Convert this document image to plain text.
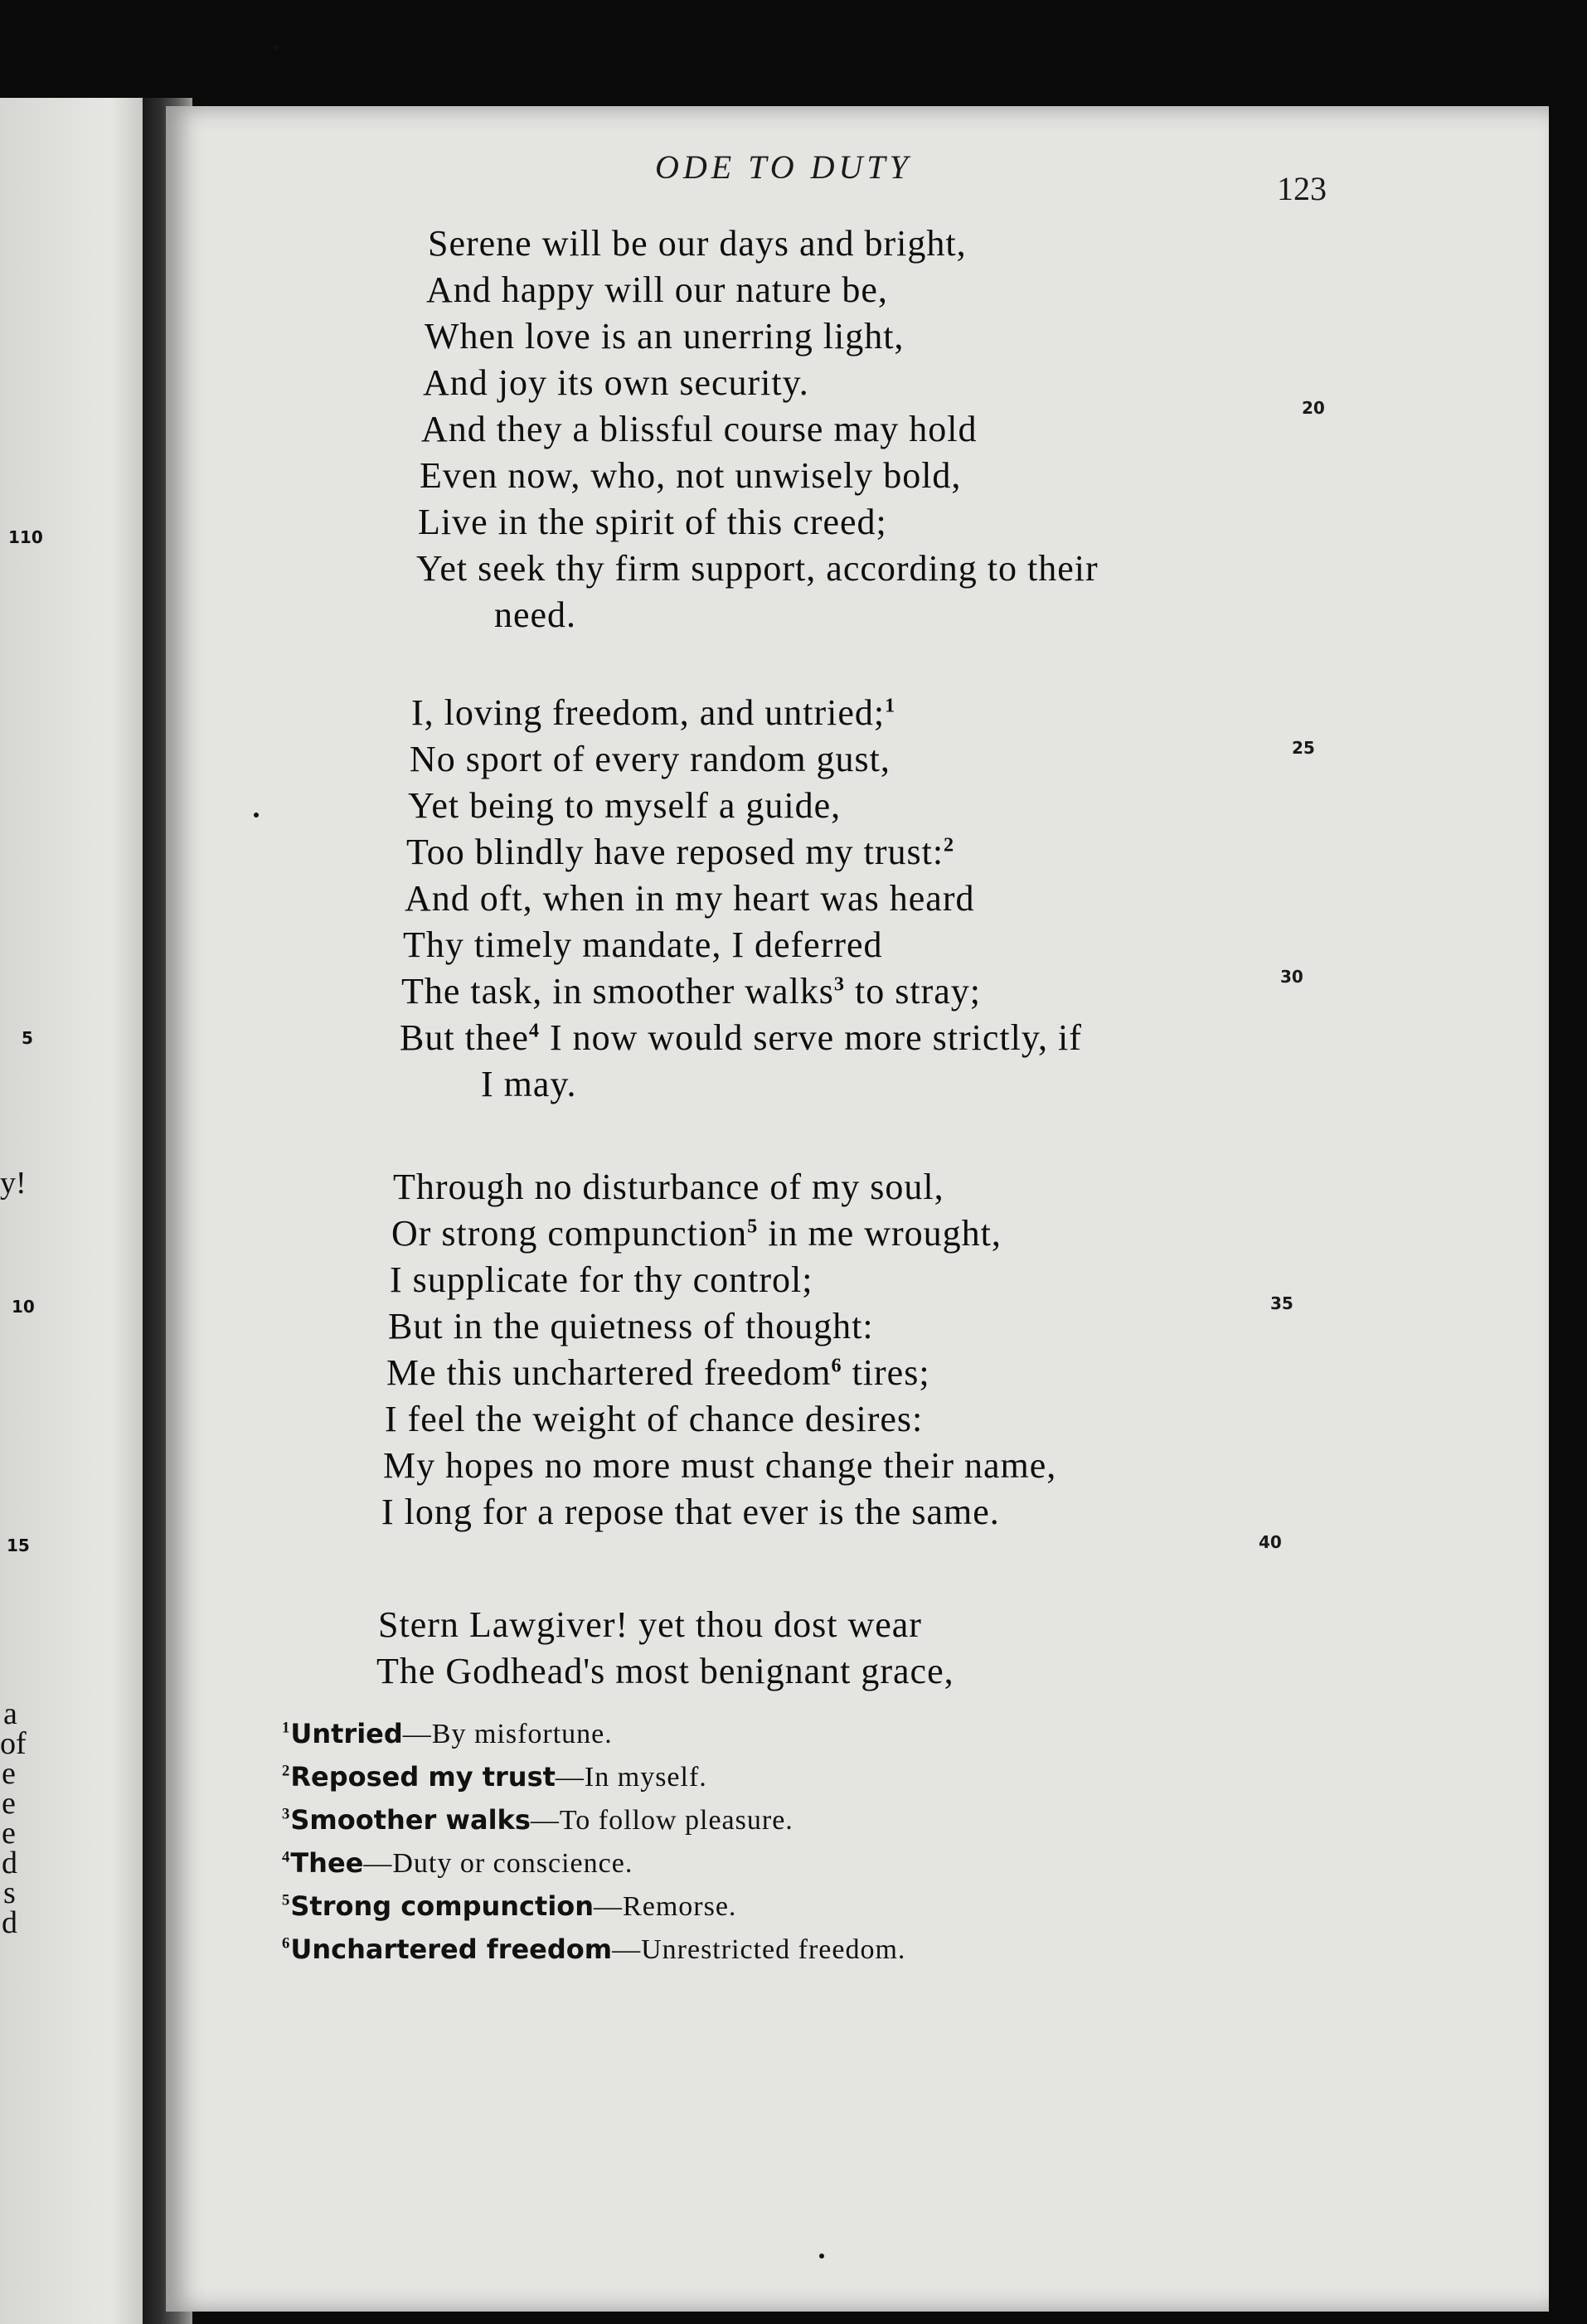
110
5
10
15
y!
a
of
e
e
e
d
s
d
ODE TO DUTY
123
Serene will be our days and bright,
And happy will our nature be,
When love is an unerring light,
And joy its own security.
And they a blissful course may hold
Even now, who, not unwisely bold,
Live in the spirit of this creed;
Yet seek thy firm support, according to their
need.
20
I, loving freedom, and untried;$^1$
No sport of every random gust,
Yet being to myself a guide,
Too blindly have reposed my trust:$^2$
And oft, when in my heart was heard
Thy timely mandate, I deferred
The task, in smoother walks$^3$ to stray;
But thee$^4$ I now would serve more strictly, if
I may.
25
30
Through no disturbance of my soul,
Or strong compunction$^5$ in me wrought,
I supplicate for thy control;
But in the quietness of thought:
Me this unchartered freedom$^6$ tires;
I feel the weight of chance desires:
My hopes no more must change their name,
I long for a repose that ever is the same.
35
40
Stern Lawgiver! yet thou dost wear
The Godhead's most benignant grace,
$^1$Untried—By misfortune.
$^2$Reposed my trust—In myself.
$^3$Smoother walks—To follow pleasure.
$^4$Thee—Duty or conscience.
$^5$Strong compunction—Remorse.
$^6$Unchartered freedom—Unrestricted freedom.
